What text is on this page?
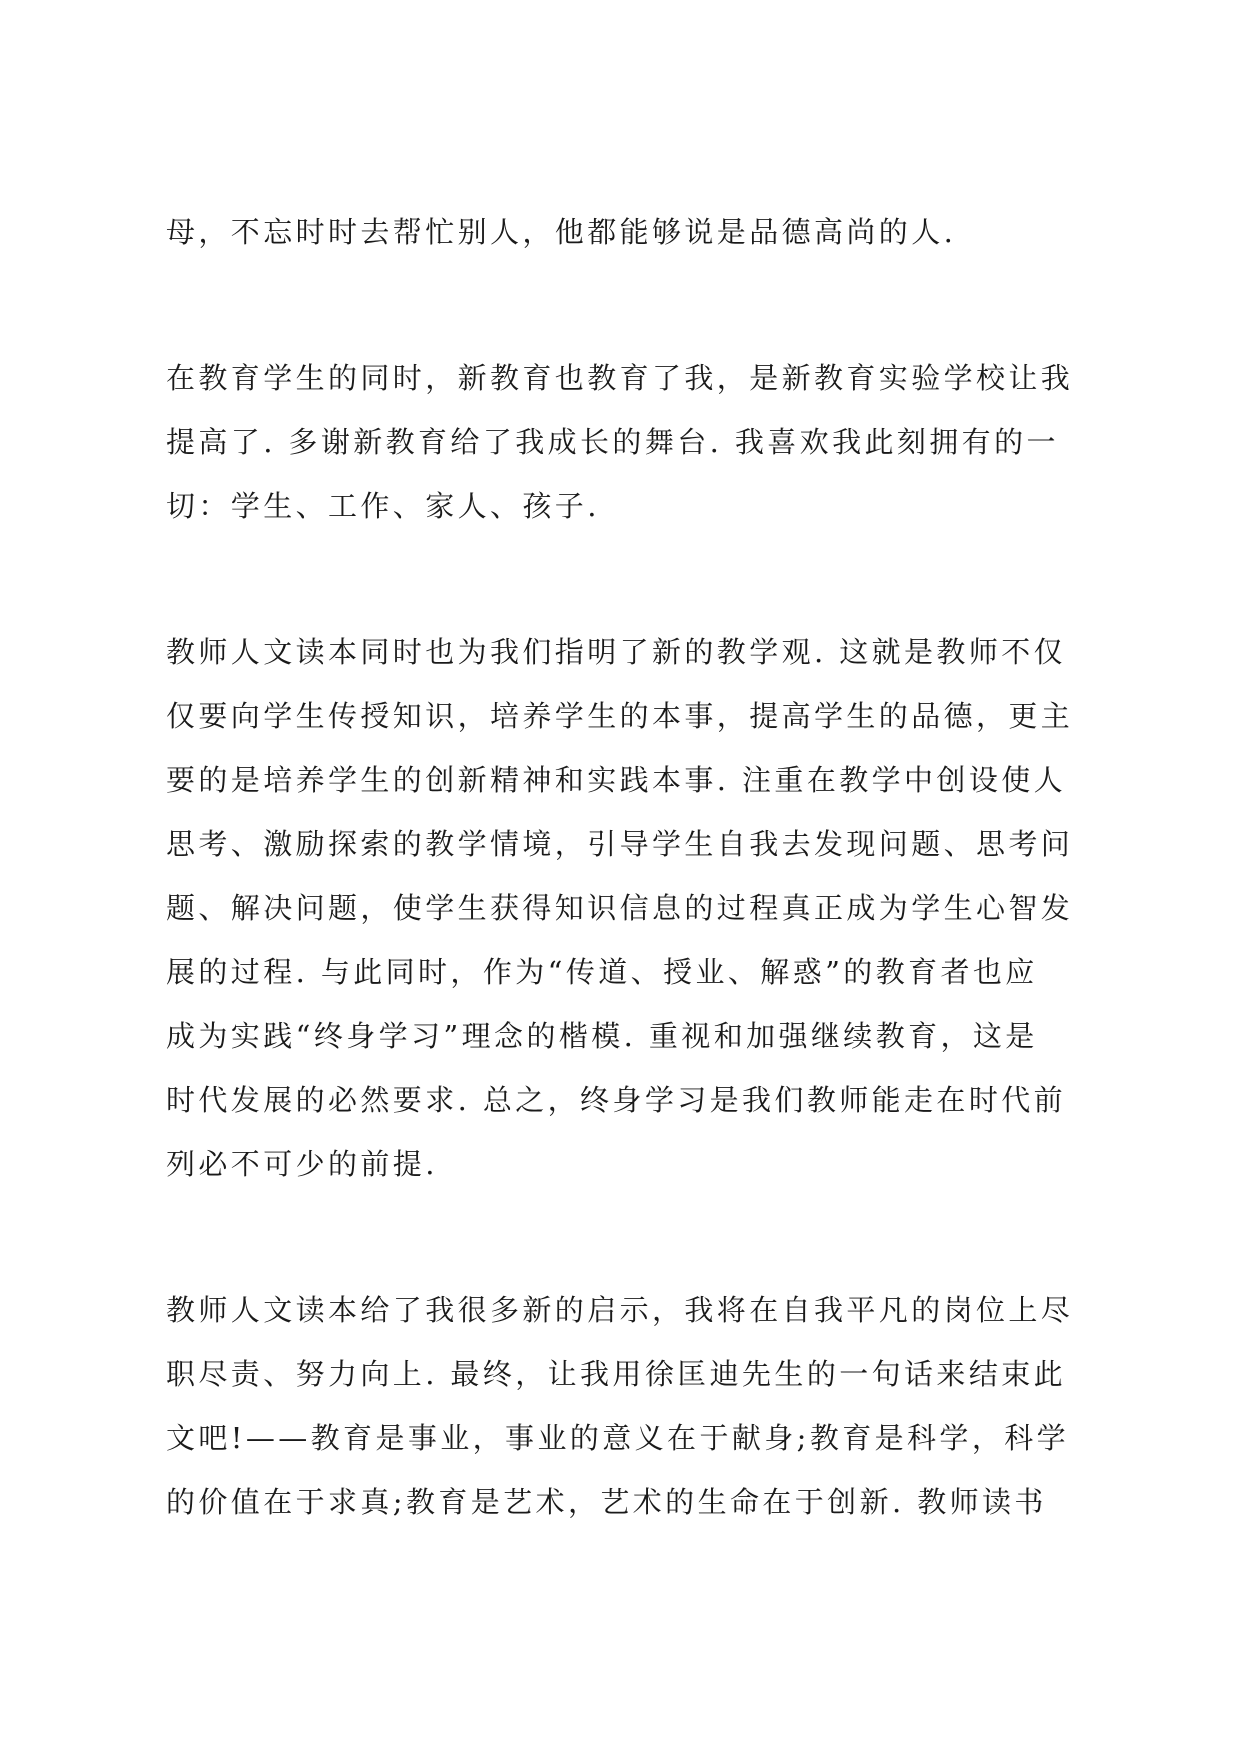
母，不忘时时去帮忙别人，他都能够说是品德高尚的人.
在教育学生的同时，新教育也教育了我，是新教育实验学校让我
提高了. 多谢新教育给了我成长的舞台. 我喜欢我此刻拥有的一
切：学生、工作、家人、孩子.
教师人文读本同时也为我们指明了新的教学观. 这就是教师不仅
仅要向学生传授知识，培养学生的本事，提高学生的品德，更主
要的是培养学生的创新精神和实践本事. 注重在教学中创设使人
思考、激励探索的教学情境，引导学生自我去发现问题、思考问
题、解决问题，使学生获得知识信息的过程真正成为学生心智发
展的过程. 与此同时，作为“传道、授业、解惑”的教育者也应
成为实践“终身学习”理念的楷模. 重视和加强继续教育，这是
时代发展的必然要求. 总之，终身学习是我们教师能走在时代前
列必不可少的前提.
教师人文读本给了我很多新的启示，我将在自我平凡的岗位上尽
职尽责、努力向上. 最终，让我用徐匡迪先生的一句话来结束此
文吧!——教育是事业，事业的意义在于献身;教育是科学，科学
的价值在于求真;教育是艺术，艺术的生命在于创新. 教师读书
